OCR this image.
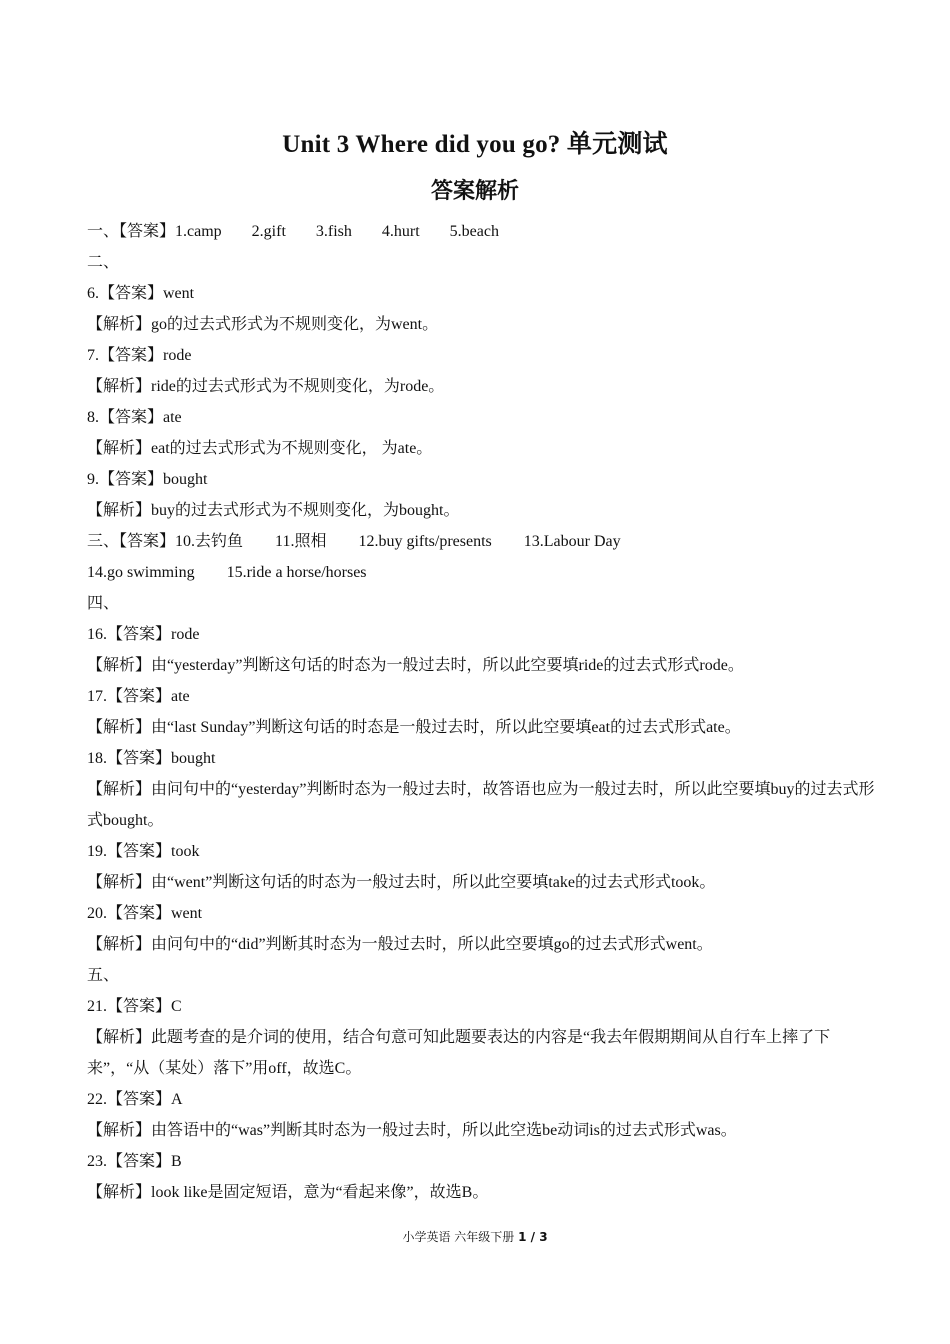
Unit 3 Where did you go? 单元测试
答案解析
一、【答案】1.camp 2.gift 3.fish 4.hurt 5.beach
二、
6.【答案】went
【解析】go的过去式形式为不规则变化，为went。
7.【答案】rode
【解析】ride的过去式形式为不规则变化，为rode。
8.【答案】ate
【解析】eat的过去式形式为不规则变化， 为ate。
9.【答案】bought
【解析】buy的过去式形式为不规则变化，为bought。
三、【答案】10.去钓鱼 11.照相 12.buy gifts/presents 13.Labour Day
14.go swimming 15.ride a horse/horses
四、
16.【答案】rode
【解析】由“yesterday”判断这句话的时态为一般过去时，所以此空要填ride的过去式形式rode。
17.【答案】ate
【解析】由“last Sunday”判断这句话的时态是一般过去时，所以此空要填eat的过去式形式ate。
18.【答案】bought
【解析】由问句中的“yesterday”判断时态为一般过去时，故答语也应为一般过去时，所以此空要填buy的过去式形式bought。
19.【答案】took
【解析】由“went”判断这句话的时态为一般过去时，所以此空要填take的过去式形式took。
20.【答案】went
【解析】由问句中的“did”判断其时态为一般过去时，所以此空要填go的过去式形式went。
五、
21.【答案】C
【解析】此题考查的是介词的使用，结合句意可知此题要表达的内容是“我去年假期期间从自行车上摔了下来”，“从（某处）落下”用off，故选C。
22.【答案】A
【解析】由答语中的“was”判断其时态为一般过去时，所以此空选be动词is的过去式形式was。
23.【答案】B
【解析】look like是固定短语，意为“看起来像”，故选B。
小学英语 六年级下册 1 / 3
